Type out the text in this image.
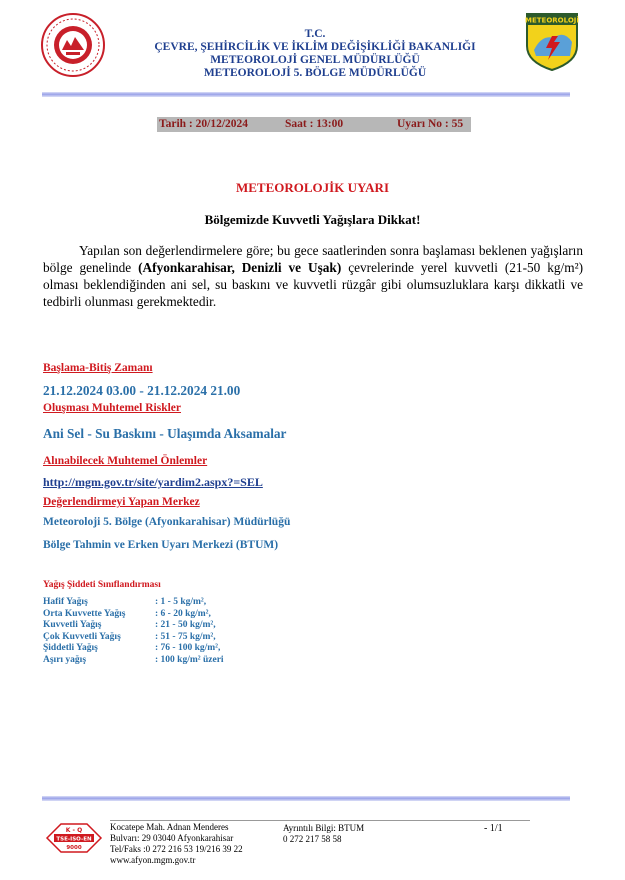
METEOROLOJİ
T.C.
ÇEVRE, ŞEHİRCİLİK VE İKLİM DEĞİŞİKLİĞİ BAKANLIĞI
METEOROLOJİ GENEL MÜDÜRLÜĞÜ
METEOROLOJİ 5. BÖLGE MÜDÜRLÜĞÜ
Tarih : 20/12/2024	Saat : 13:00	Uyarı No : 55
METEOROLOJİK UYARI
Bölgemizde Kuvvetli Yağışlara Dikkat!
Yapılan son değerlendirmelere göre; bu gece saatlerinden sonra başlaması beklenen yağışların bölge genelinde (Afyonkarahisar, Denizli ve Uşak) çevrelerinde yerel kuvvetli (21-50 kg/m²) olması beklendiğinden ani sel, su baskını ve kuvvetli rüzgâr gibi olumsuzluklara karşı dikkatli ve tedbirli olunması gerekmektedir.
Başlama-Bitiş Zamanı
21.12.2024 03.00 - 21.12.2024 21.00
Oluşması Muhtemel Riskler
Ani Sel - Su Baskını - Ulaşımda Aksamalar
Alınabilecek Muhtemel Önlemler
http://mgm.gov.tr/site/yardim2.aspx?=SEL
Değerlendirmeyi Yapan Merkez
Meteoroloji 5. Bölge (Afyonkarahisar) Müdürlüğü
Bölge Tahmin ve Erken Uyarı Merkezi (BTUM)
Yağış Şiddeti Sınıflandırması
Hafif Yağış	: 1 - 5 kg/m²,
Orta Kuvvette Yağış	: 6 - 20 kg/m²,
Kuvvetli Yağış	: 21 - 50 kg/m²,
Çok Kuvvetli Yağış	: 51 - 75 kg/m²,
Şiddetli Yağış	: 76 - 100 kg/m²,
Aşırı yağış	: 100 kg/m² üzeri
K - Q
TSE-ISO-EN
9000
Kocatepe Mah. Adnan Menderes
Bulvarı: 29 03040 Afyonkarahisar
Tel/Faks :0 272 216 53 19/216 39 22
www.afyon.mgm.gov.tr
Ayrıntılı Bilgi: BTUM
0 272 217 58 58
- 1/1
